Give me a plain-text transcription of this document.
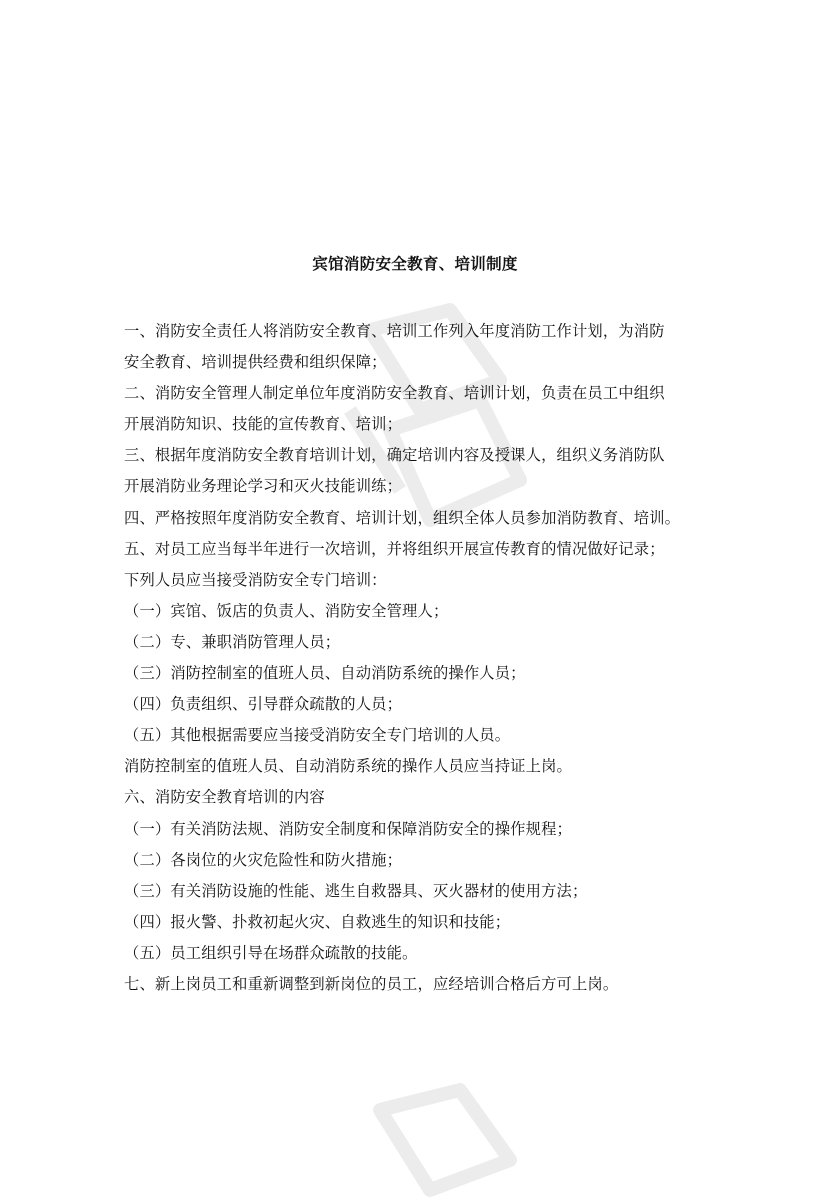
宾馆消防安全教育、培训制度
一、消防安全责任人将消防安全教育、培训工作列入年度消防工作计划，为消防
安全教育、培训提供经费和组织保障；
二、消防安全管理人制定单位年度消防安全教育、培训计划，负责在员工中组织
开展消防知识、技能的宣传教育、培训；
三、根据年度消防安全教育培训计划，确定培训内容及授课人，组织义务消防队
开展消防业务理论学习和灭火技能训练；
四、严格按照年度消防安全教育、培训计划，组织全体人员参加消防教育、培训。
五、对员工应当每半年进行一次培训，并将组织开展宣传教育的情况做好记录；
下列人员应当接受消防安全专门培训：
（一）宾馆、饭店的负责人、消防安全管理人；
（二）专、兼职消防管理人员；
（三）消防控制室的值班人员、自动消防系统的操作人员；
（四）负责组织、引导群众疏散的人员；
（五）其他根据需要应当接受消防安全专门培训的人员。
消防控制室的值班人员、自动消防系统的操作人员应当持证上岗。
六、消防安全教育培训的内容
（一）有关消防法规、消防安全制度和保障消防安全的操作规程；
（二）各岗位的火灾危险性和防火措施；
（三）有关消防设施的性能、逃生自救器具、灭火器材的使用方法；
（四）报火警、扑救初起火灾、自救逃生的知识和技能；
（五）员工组织引导在场群众疏散的技能。
七、新上岗员工和重新调整到新岗位的员工，应经培训合格后方可上岗。
